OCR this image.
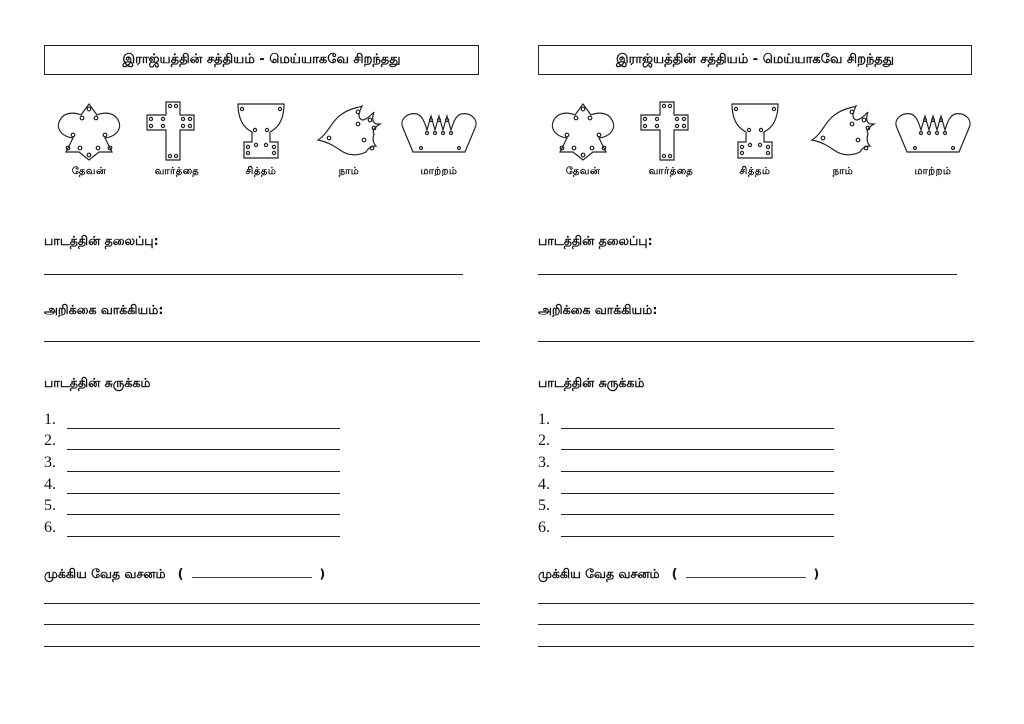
இராஜ்யத்தின் சத்தியம் - மெய்யாகவே சிறந்தது
தேவன்	வார்த்தை	சித்தம்	நாம்	மாற்றம்
பாடத்தின் தலைப்பு:
அறிக்கை வாக்கியம்:
பாடத்தின் சுருக்கம்
1.
2.
3.
4.
5.
6.
முக்கிய வேத வசனம் (	)
இராஜ்யத்தின் சத்தியம் - மெய்யாகவே சிறந்தது
தேவன்	வார்த்தை	சித்தம்	நாம்	மாற்றம்
பாடத்தின் தலைப்பு:
அறிக்கை வாக்கியம்:
பாடத்தின் சுருக்கம்
1.
2.
3.
4.
5.
6.
முக்கிய வேத வசனம் (	)
